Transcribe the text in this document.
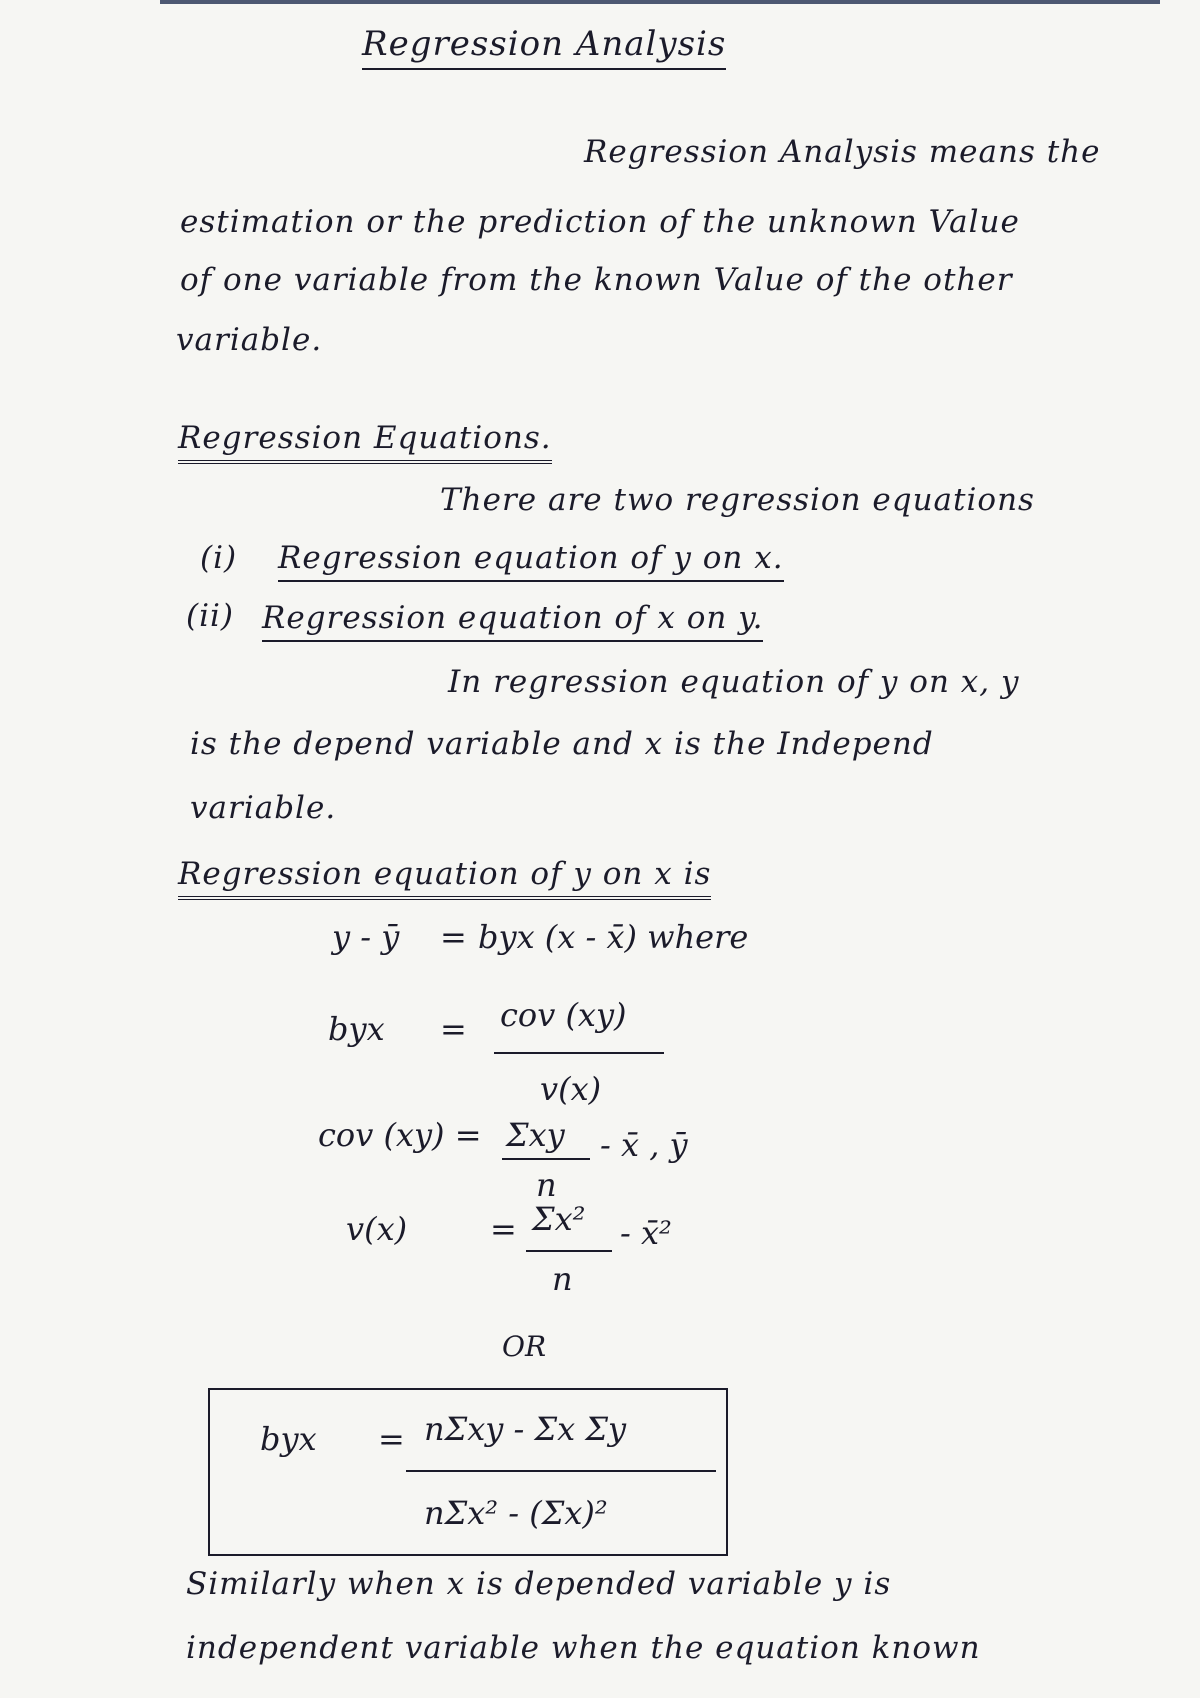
Regression Analysis
Regression Analysis means the
estimation or the prediction of the unknown Value
of one variable from the known Value of the other
variable.
Regression Equations.
There are two regression equations
(i) Regression equation of y on x.
(ii) Regression equation of x on y.
In regression equation of y on x, y
is the depend variable and x is the Independ
variable.
Regression equation of y on x is
y - ȳ = byx (x - x̄) where
byx = cov (xy)
v(x)
cov (xy) = Σxy
n
- x̄ , ȳ
v(x)	= Σx²
n
- x̄²
OR
byx = nΣxy - Σx Σy
nΣx² - (Σx)²
Similarly when x is depended variable y is
independent variable when the equation known
